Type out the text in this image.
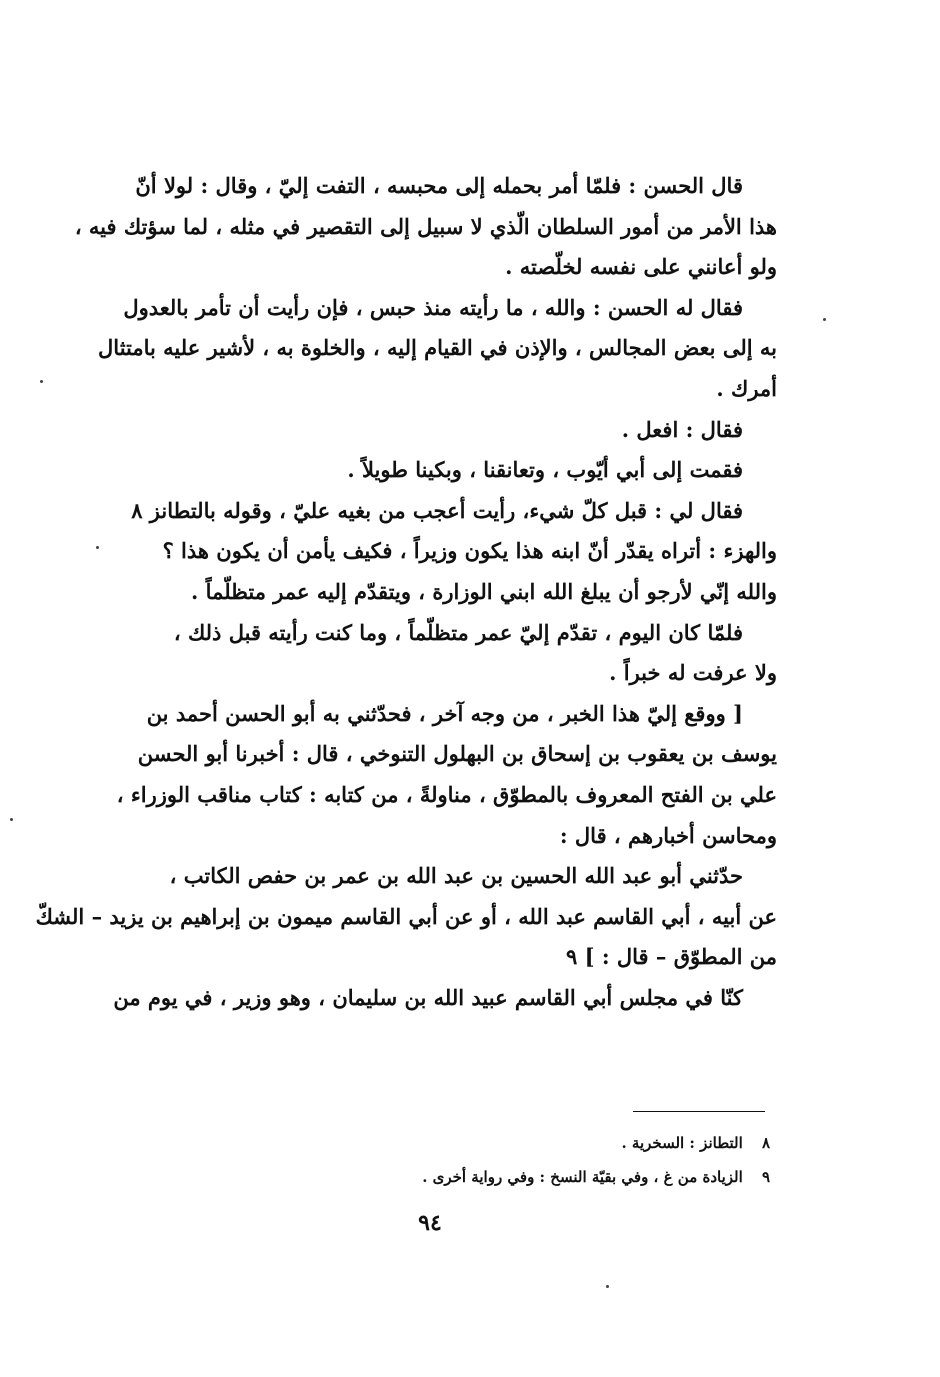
قال الحسن : فلمّا أمر بحمله إلى محبسه ، التفت إليّ ، وقال : لولا أنّ
هذا الأمر من أمور السلطان الّذي لا سبيل إلى التقصير في مثله ، لما سؤتك فيه ،
ولو أعانني على نفسه لخلّصته .
فقال له الحسن : والله ، ما رأيته منذ حبس ، فإن رأيت أن تأمر بالعدول
به إلى بعض المجالس ، والإذن في القيام إليه ، والخلوة به ، لأشير عليه بامتثال
أمرك .
فقال : افعل .
فقمت إلى أبي أيّوب ، وتعانقنا ، وبكينا طويلاً .
فقال لي : قبل كلّ شيء، رأيت أعجب من بغيه عليّ ، وقوله بالتطانز ٨
والهزء : أتراه يقدّر أنّ ابنه هذا يكون وزيراً ، فكيف يأمن أن يكون هذا ؟
والله إنّي لأرجو أن يبلغ الله ابني الوزارة ، ويتقدّم إليه عمر متظلّماً .
فلمّا كان اليوم ، تقدّم إليّ عمر متظلّماً ، وما كنت رأيته قبل ذلك ،
ولا عرفت له خبراً .
[ ووقع إليّ هذا الخبر ، من وجه آخر ، فحدّثني به أبو الحسن أحمد بن
يوسف بن يعقوب بن إسحاق بن البهلول التنوخي ، قال : أخبرنا أبو الحسن
علي بن الفتح المعروف بالمطوّق ، مناولةً ، من كتابه : كتاب مناقب الوزراء ،
ومحاسن أخبارهم ، قال :
حدّثني أبو عبد الله الحسين بن عبد الله بن عمر بن حفص الكاتب ،
عن أبيه ، أبي القاسم عبد الله ، أو عن أبي القاسم ميمون بن إبراهيم بن يزيد – الشكّ
من المطوّق – قال : ] ٩
كنّا في مجلس أبي القاسم عبيد الله بن سليمان ، وهو وزير ، في يوم من
٨ التطانز : السخرية .
٩ الزيادة من غ ، وفي بقيّة النسخ : وفي رواية أخرى .
٩٤
